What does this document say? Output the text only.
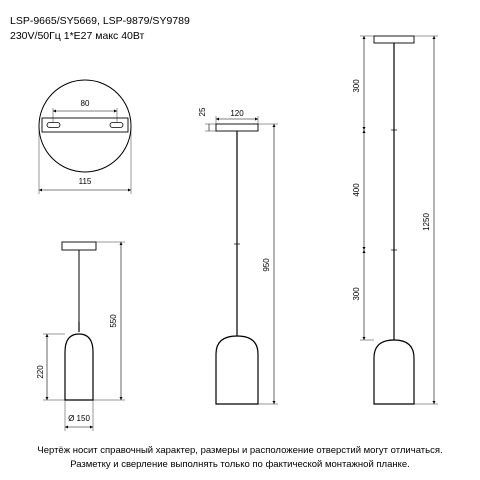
LSP-9665/SY5669, LSP-9879/SY9789
230V/50Гц 1*E27 макс 40Вт
80
115
550
220
Ø 150
120
25
950
300
400
300
1250
Чертёж носит справочный характер, размеры и расположение отверстий могут отличаться.
Разметку и сверление выполнять только по фактической монтажной планке.
